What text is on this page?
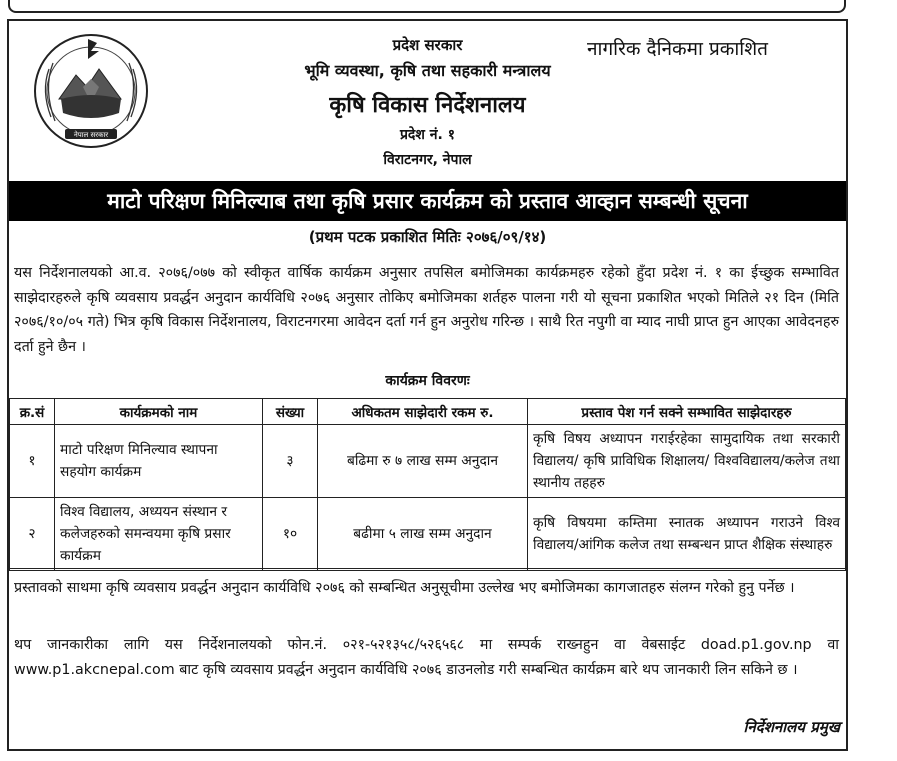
नेपाल सरकार
प्रदेश सरकार
भूमि व्यवस्था, कृषि तथा सहकारी मन्त्रालय
कृषि विकास निर्देशनालय
प्रदेश नं. १
विराटनगर, नेपाल
नागरिक दैनिकमा प्रकाशित
माटो परिक्षण मिनिल्याब तथा कृषि प्रसार कार्यक्रम को प्रस्ताव आव्हान सम्बन्धी सूचना
(प्रथम पटक प्रकाशित मितिः २०७६/०९/१४)
यस निर्देशनालयको आ.व. २०७६/०७७ को स्वीकृत वार्षिक कार्यक्रम अनुसार तपसिल बमोजिमका कार्यक्रमहरु रहेको हुँदा प्रदेश नं. १ का ईच्छुक सम्भावित साझेदारहरुले कृषि व्यवसाय प्रवर्द्धन अनुदान कार्यविधि २०७६ अनुसार तोकिए बमोजिमका शर्तहरु पालना गरी यो सूचना प्रकाशित भएको मितिले २१ दिन (मिति २०७६/१०/०५ गते) भित्र कृषि विकास निर्देशनालय, विराटनगरमा आवेदन दर्ता गर्न हुन अनुरोध गरिन्छ । साथै रित नपुगी वा म्याद नाघी प्राप्त हुन आएका आवेदनहरु दर्ता हुने छैन ।
कार्यक्रम विवरणः
क्र.सं	कार्यक्रमको नाम	संख्या	अधिकतम साझेदारी रकम रु.	प्रस्ताव पेश गर्न सक्ने सम्भावित साझेदारहरु
१	माटो परिक्षण मिनिल्याव स्थापना सहयोग कार्यक्रम	३	बढिमा रु ७ लाख सम्म अनुदान	कृषि विषय अध्यापन गराईरहेका सामुदायिक तथा सरकारी विद्यालय/ कृषि प्राविधिक शिक्षालय/ विश्वविद्यालय/कलेज तथा स्थानीय तहहरु
२	विश्व विद्यालय, अध्ययन संस्थान र कलेजहरुको समन्वयमा कृषि प्रसार कार्यक्रम	१०	बढीमा ५ लाख सम्म अनुदान	कृषि विषयमा कम्तिमा स्नातक अध्यापन गराउने विश्व विद्यालय/आंगिक कलेज तथा सम्बन्धन प्राप्त शैक्षिक संस्थाहरु
प्रस्तावको साथमा कृषि व्यवसाय प्रवर्द्धन अनुदान कार्यविधि २०७६ को सम्बन्धित अनुसूचीमा उल्लेख भए बमोजिमका कागजातहरु संलग्न गरेको हुनु पर्नेछ ।
थप जानकारीका लागि यस निर्देशनालयको फोन.नं. ०२१-५२१३५८/५२६५६८ मा सम्पर्क राख्नहुन वा वेबसाईट doad.p1.gov.np वा www.p1.akcnepal.com बाट कृषि व्यवसाय प्रवर्द्धन अनुदान कार्यविधि २०७६ डाउनलोड गरी सम्बन्धित कार्यक्रम बारे थप जानकारी लिन सकिने छ ।
निर्देशनालय प्रमुख
